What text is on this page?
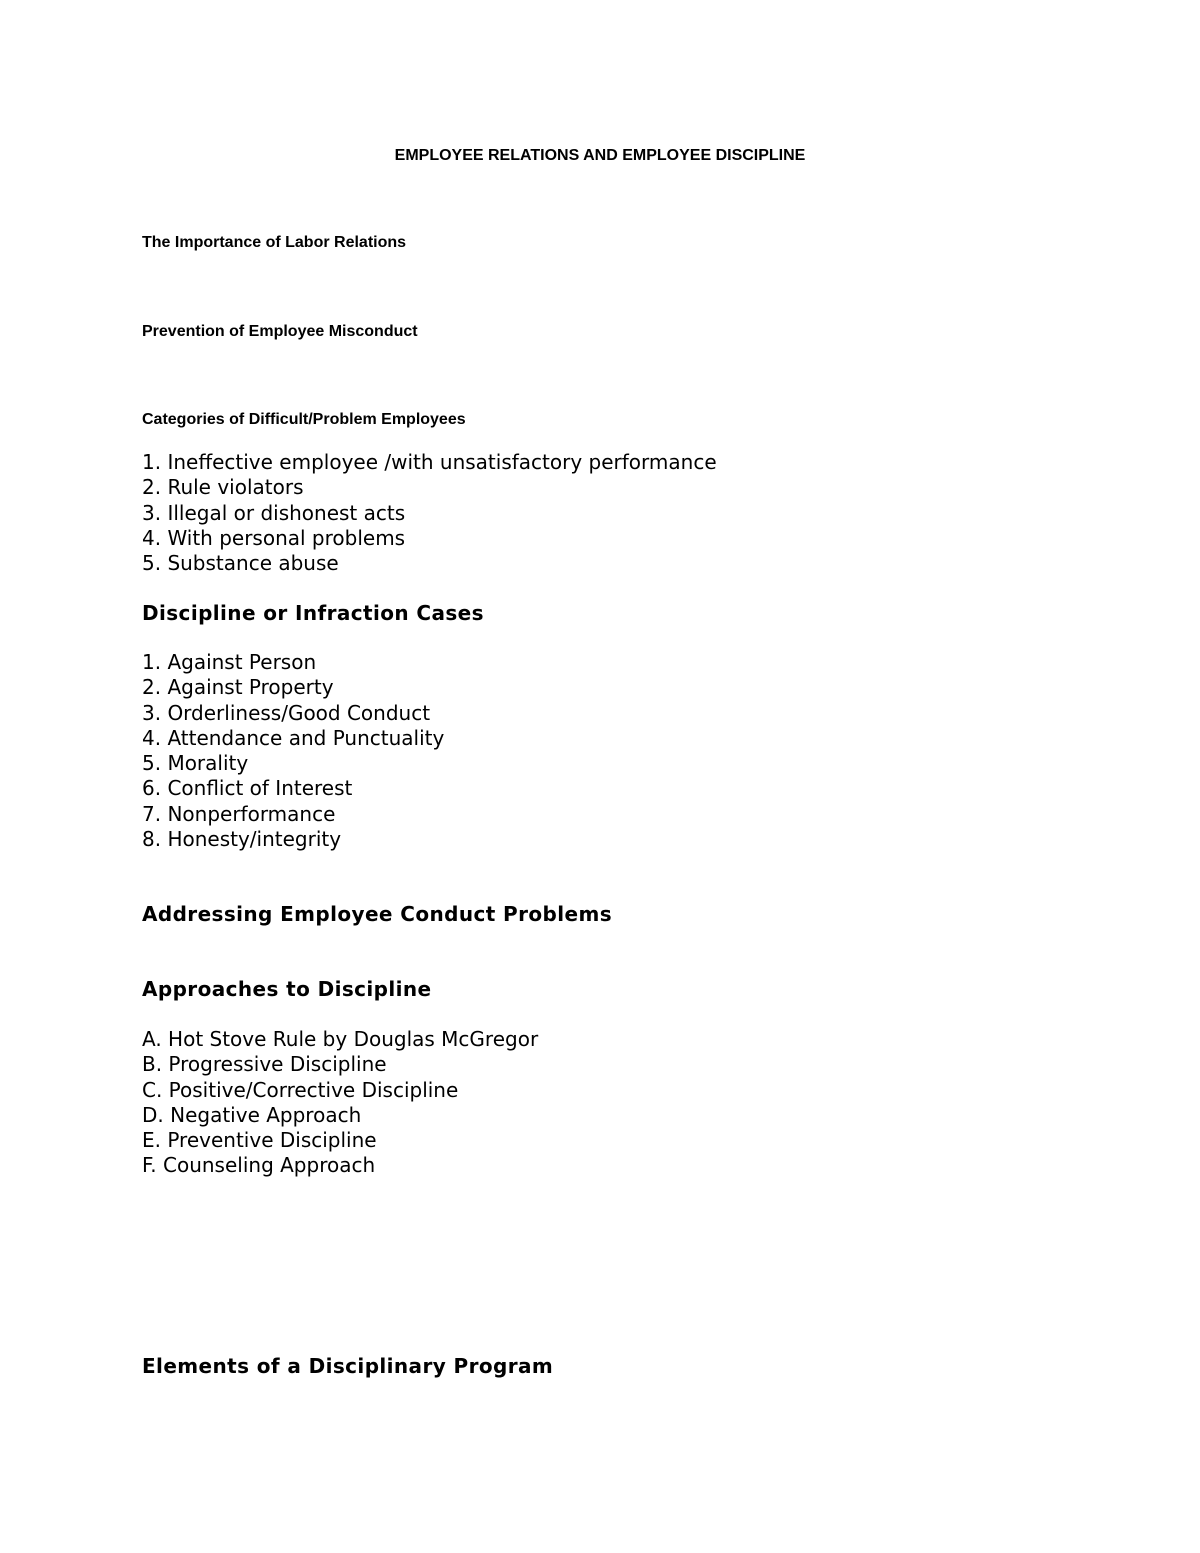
EMPLOYEE RELATIONS AND EMPLOYEE DISCIPLINE
The Importance of Labor Relations
Prevention of Employee Misconduct
Categories of Difficult/Problem Employees
1. Ineffective employee /with unsatisfactory performance
2. Rule violators
3. Illegal or dishonest acts
4. With personal problems
5. Substance abuse
Discipline or Infraction Cases
1. Against Person
2. Against Property
3. Orderliness/Good Conduct
4. Attendance and Punctuality
5. Morality
6. Conflict of Interest
7. Nonperformance
8. Honesty/integrity
Addressing Employee Conduct Problems
Approaches to Discipline
A. Hot Stove Rule by Douglas McGregor
B. Progressive Discipline
C. Positive/Corrective Discipline
D. Negative Approach
E. Preventive Discipline
F. Counseling Approach
Elements of a Disciplinary Program
